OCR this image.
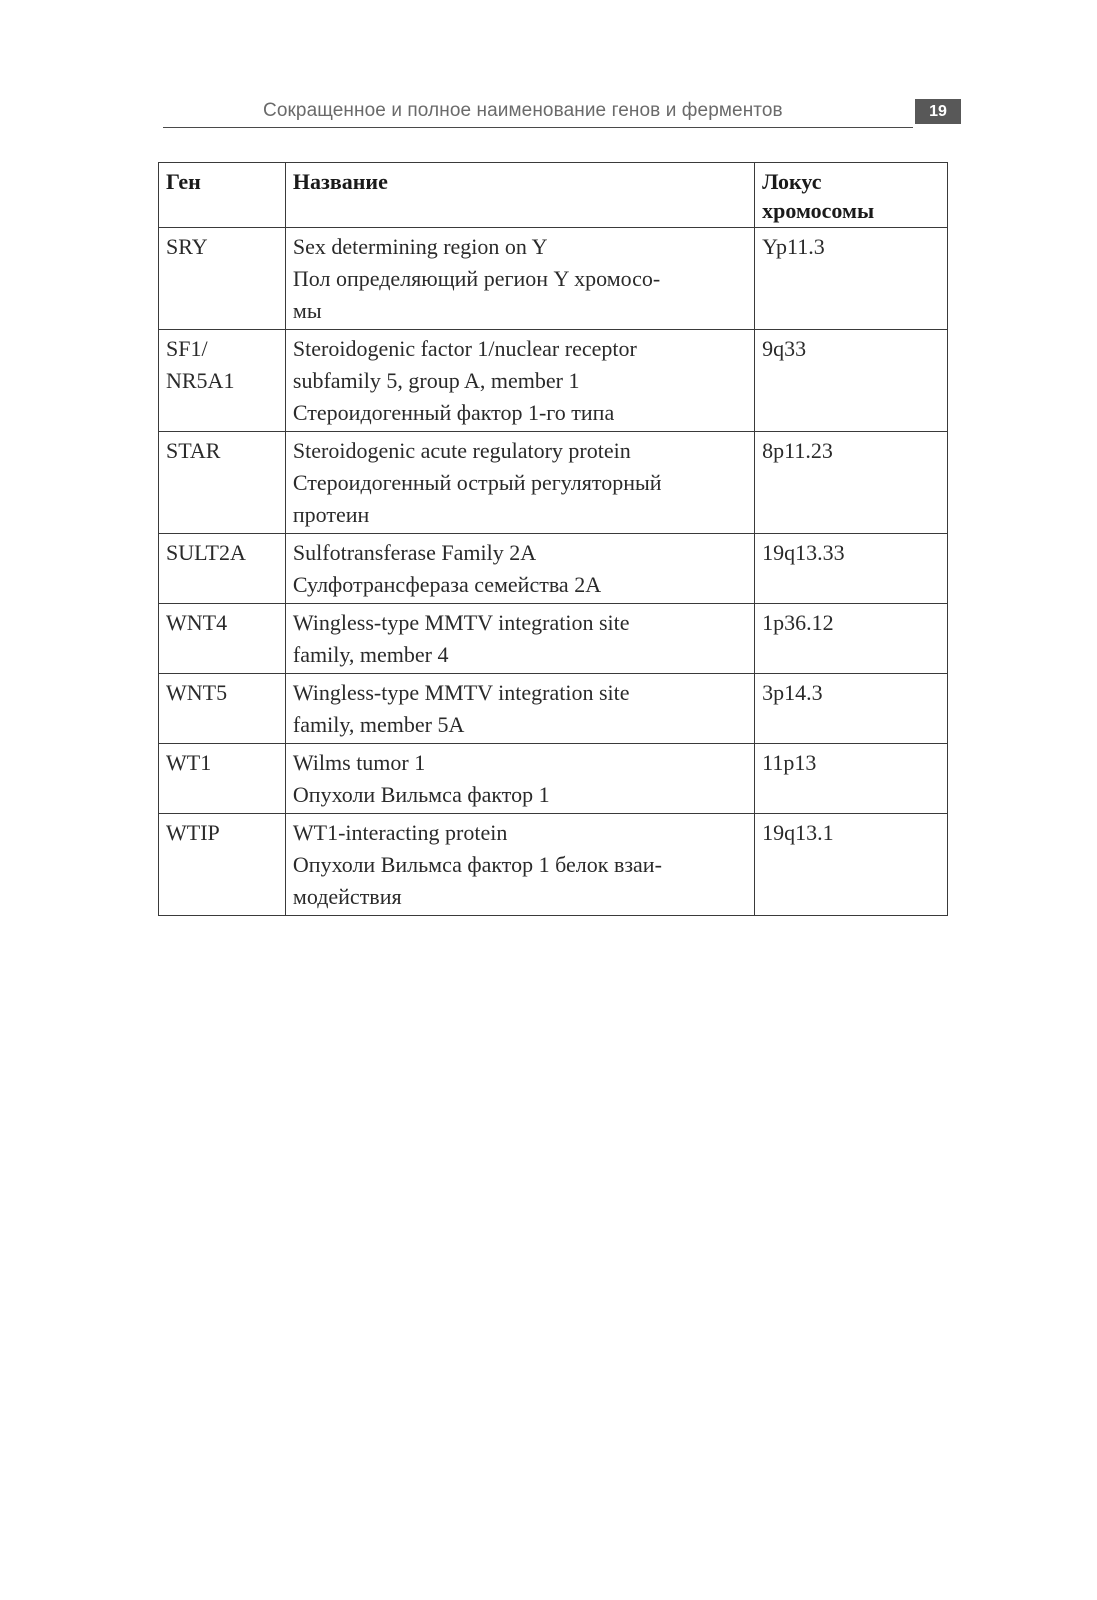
Сокращенное и полное наименование генов и ферментов	19
Ген	Название	Локус
хромосомы

SRY	Sex determining region on Y
Пол определяющий регион Y хромосо-
мы	Yp11.3

SF1/
NR5A1	Steroidogenic factor 1/nuclear receptor
subfamily 5, group A, member 1
Стероидогенный фактор 1-го типа	9q33

STAR	Steroidogenic acute regulatory protein
Стероидогенный острый регуляторный
протеин	8p11.23

SULT2A	Sulfotransferase Family 2A
Сулфотрансфераза семейства 2А	19q13.33

WNT4	Wingless-type MMTV integration site
family, member 4	1p36.12

WNT5	Wingless-type MMTV integration site
family, member 5A	3p14.3

WT1	Wilms tumor 1
Опухоли Вильмса фактор 1	11p13

WTIP	WT1-interacting protein
Опухоли Вильмса фактор 1 белок взаи-
модействия	19q13.1
